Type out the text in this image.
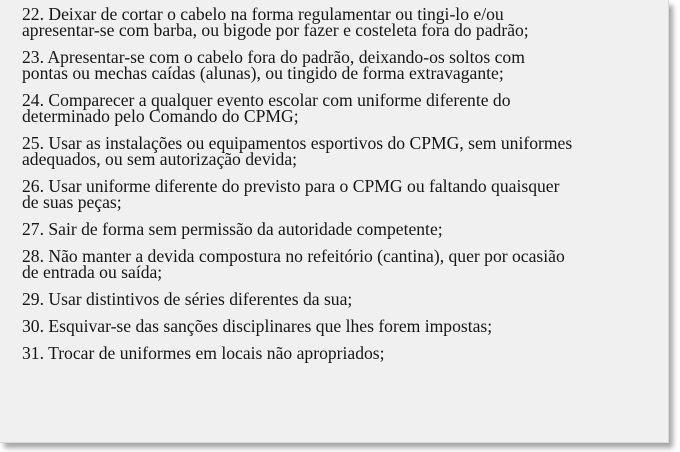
22. Deixar de cortar o cabelo na forma regulamentar ou tingi-lo e/ou
apresentar-se com barba, ou bigode por fazer e costeleta fora do padrão;
23. Apresentar-se com o cabelo fora do padrão, deixando-os soltos com
pontas ou mechas caídas (alunas), ou tingido de forma extravagante;
24. Comparecer a qualquer evento escolar com uniforme diferente do
determinado pelo Comando do CPMG;
25. Usar as instalações ou equipamentos esportivos do CPMG, sem uniformes
adequados, ou sem autorização devida;
26. Usar uniforme diferente do previsto para o CPMG ou faltando quaisquer
de suas peças;
27. Sair de forma sem permissão da autoridade competente;
28. Não manter a devida compostura no refeitório (cantina), quer por ocasião
de entrada ou saída;
29. Usar distintivos de séries diferentes da sua;
30. Esquivar-se das sanções disciplinares que lhes forem impostas;
31. Trocar de uniformes em locais não apropriados;
